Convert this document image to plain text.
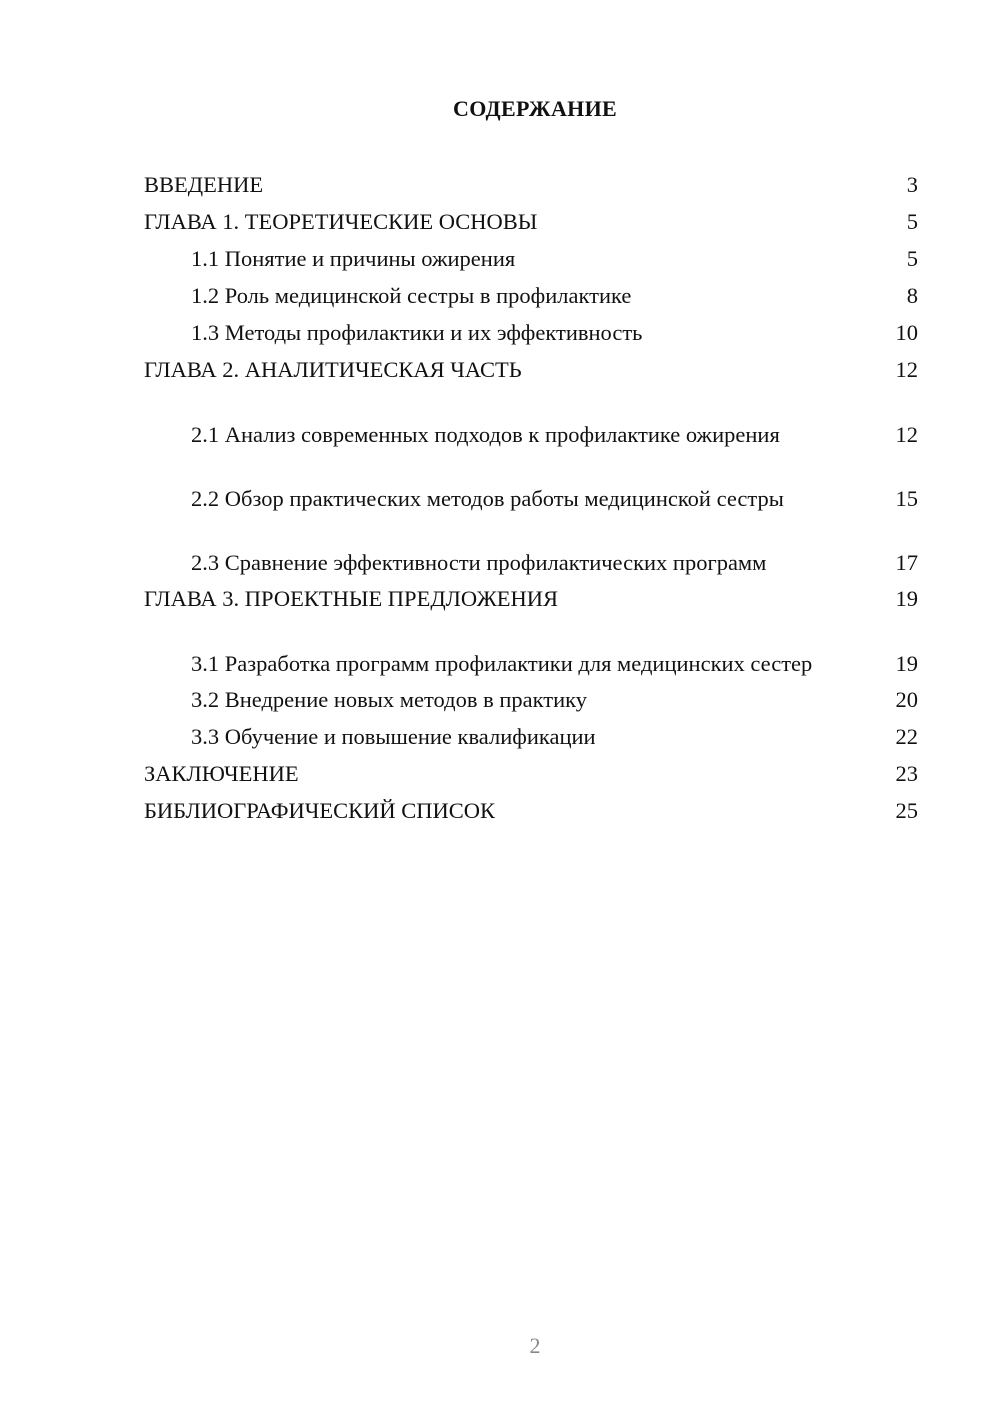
СОДЕРЖАНИЕ
ВВЕДЕНИЕ	3
ГЛАВА 1. ТЕОРЕТИЧЕСКИЕ ОСНОВЫ	5
1.1 Понятие и причины ожирения	5
1.2 Роль медицинской сестры в профилактике	8
1.3 Методы профилактики и их эффективность	10
ГЛАВА 2. АНАЛИТИЧЕСКАЯ ЧАСТЬ	12
2.1 Анализ современных подходов к профилактике ожирения	12
2.2 Обзор практических методов работы медицинской сестры	15
2.3 Сравнение эффективности профилактических программ	17
ГЛАВА 3. ПРОЕКТНЫЕ ПРЕДЛОЖЕНИЯ	19
3.1 Разработка программ профилактики для медицинских сестер	19
3.2 Внедрение новых методов в практику	20
3.3 Обучение и повышение квалификации	22
ЗАКЛЮЧЕНИЕ	23
БИБЛИОГРАФИЧЕСКИЙ СПИСОК	25
2
